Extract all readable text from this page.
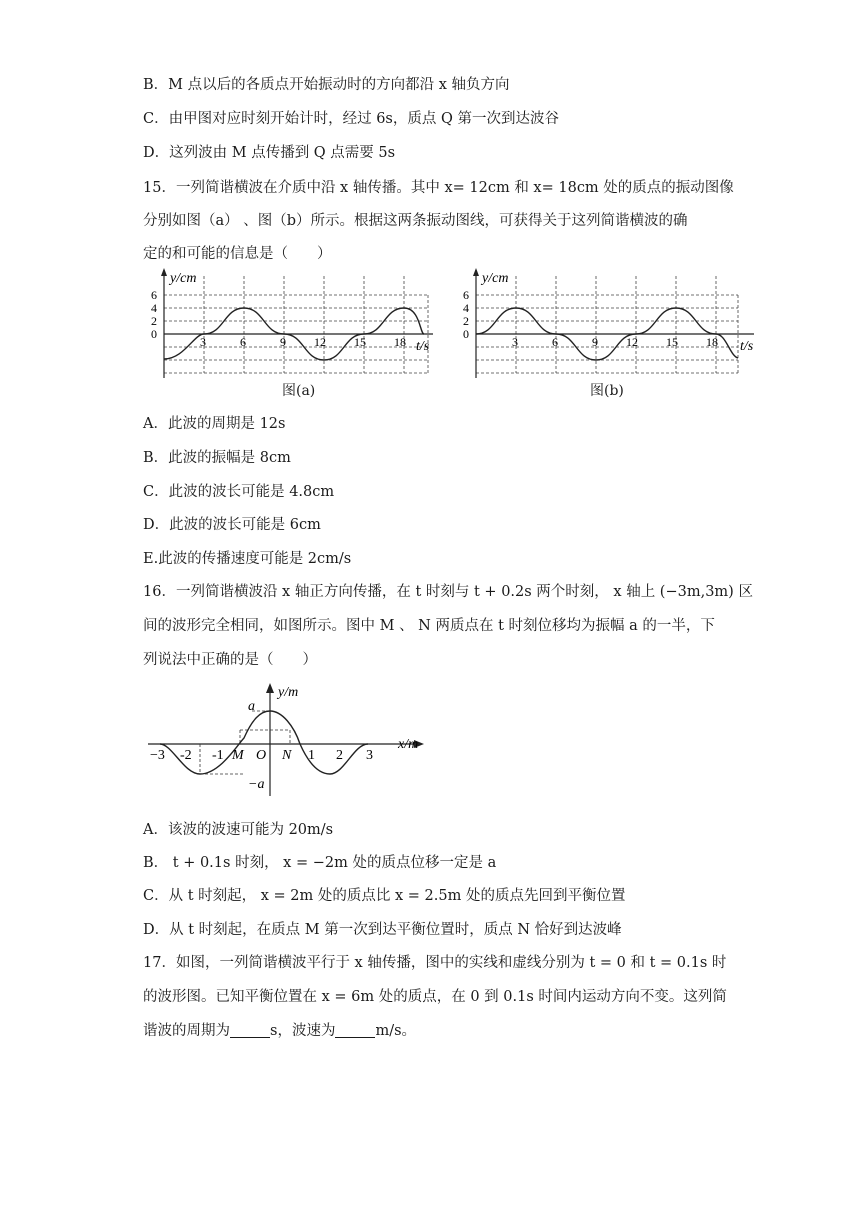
B．M 点以后的各质点开始振动时的方向都沿 x 轴负方向
C．由甲图对应时刻开始计时，经过 6s，质点 Q 第一次到达波谷
D．这列波由 M 点传播到 Q 点需要 5s
15．一列简谐横波在介质中沿 x 轴传播。其中 x= 12cm 和 x= 18cm 处的质点的振动图像
分别如图（a） 、图（b）所示。根据这两条振动图线，可获得关于这列简谐横波的确
定的和可能的信息是（　　）
y/cm
6
4
2
0
3	6	9 12 15 18 t/s
图(a)
y/cm
6
4
2
0
3	6	9 12 15 18 t/s
图(b)
A．此波的周期是 12s
B．此波的振幅是 8cm
C．此波的波长可能是 4.8cm
D．此波的波长可能是 6cm
E.此波的传播速度可能是 2cm/s
16．一列简谐横波沿 x 轴正方向传播，在 t 时刻与 t + 0.2s 两个时刻， x 轴上 (−3m,3m) 区
间的波形完全相同，如图所示。图中 M 、 N 两质点在 t 时刻位移均为振幅 a 的一半，下
列说法中正确的是（　　）
y/m
a
−a
x/m
−3 -2 -1 M O N 1 2 3
A．该波的波速可能为 20m/s
B． t + 0.1s 时刻， x = −2m 处的质点位移一定是 a
C．从 t 时刻起， x = 2m 处的质点比 x = 2.5m 处的质点先回到平衡位置
D．从 t 时刻起，在质点 M 第一次到达平衡位置时，质点 N 恰好到达波峰
17．如图，一列简谐横波平行于 x 轴传播，图中的实线和虚线分别为 t = 0 和 t = 0.1s 时
的波形图。已知平衡位置在 x = 6m 处的质点，在 0 到 0.1s 时间内运动方向不变。这列简
谐波的周期为	s，波速为	m/s。
